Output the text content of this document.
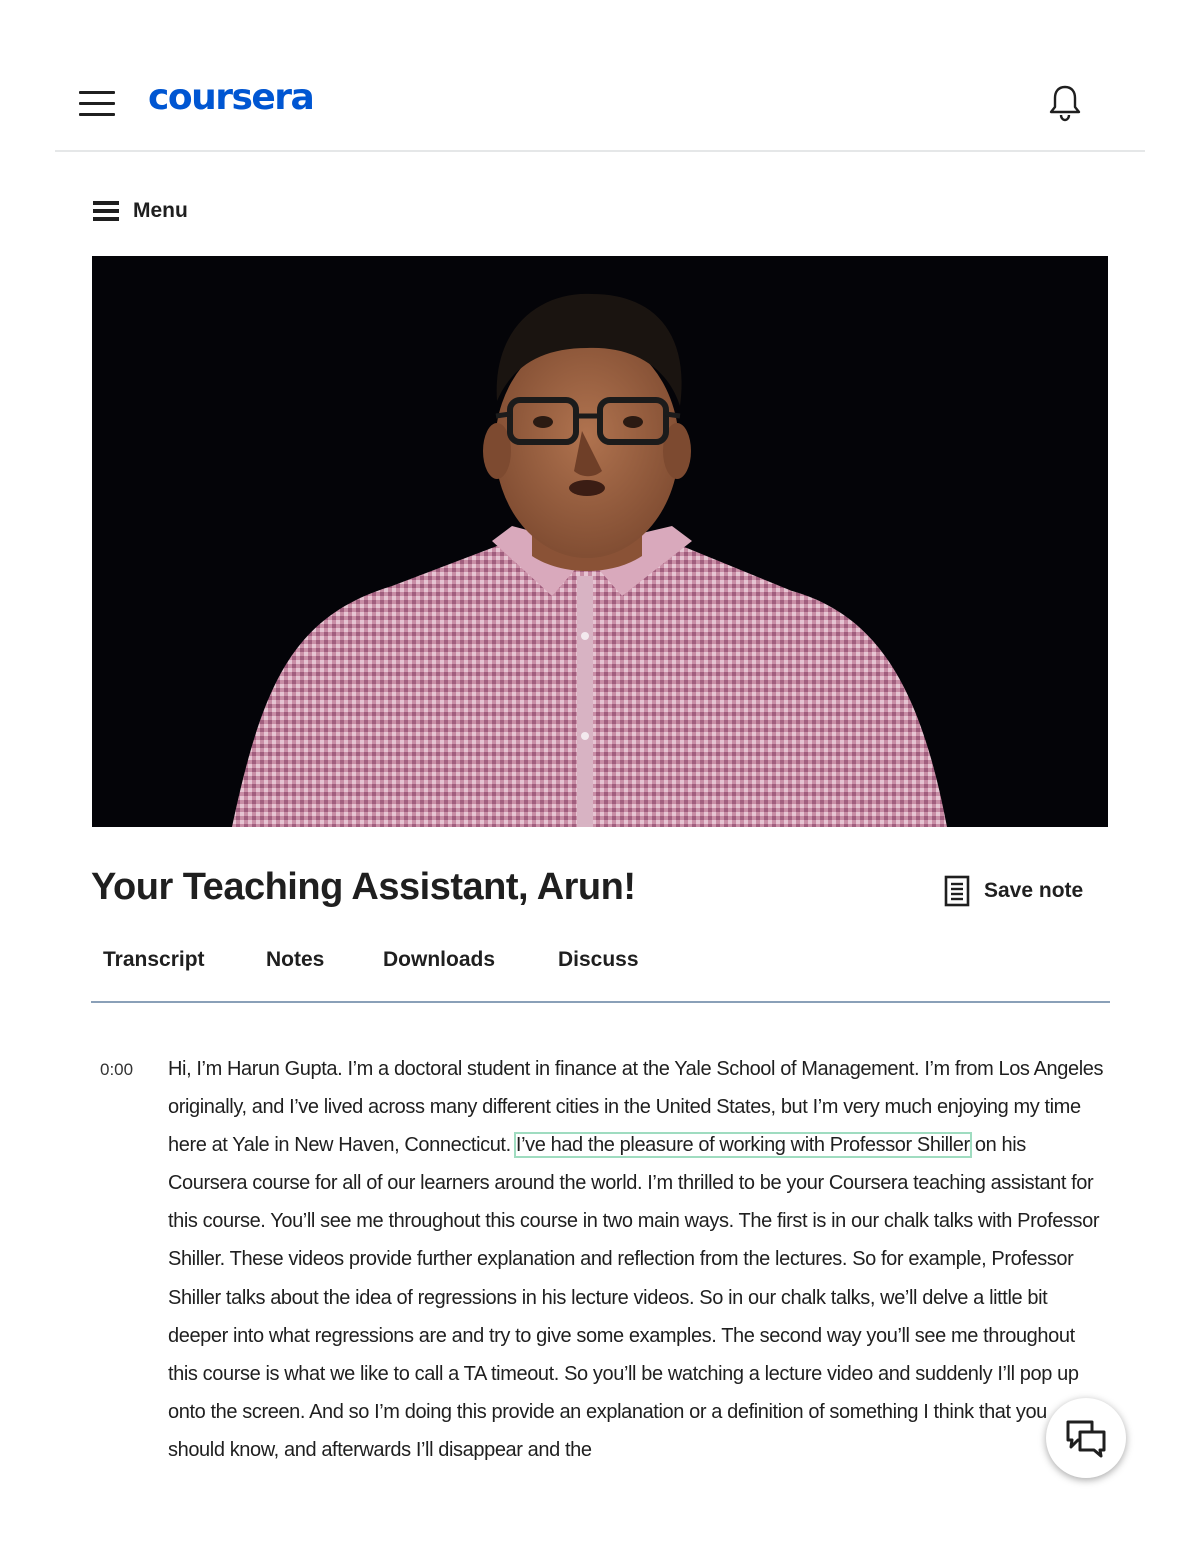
coursera
Menu
Your Teaching Assistant, Arun!	Save note
Transcript	Notes	Downloads	Discuss
0:00 Hi, I’m Harun Gupta. I’m a doctoral student in finance at the Yale School of Management. I’m from Los Angeles originally, and I’ve lived across many different cities in the United States, but I’m very much enjoying my time here at Yale in New Haven, Connecticut. I’ve had the pleasure of working with Professor Shiller on his Coursera course for all of our learners around the world. I’m thrilled to be your Coursera teaching assistant for this course. You’ll see me throughout this course in two main ways. The first is in our chalk talks with Professor Shiller. These videos provide further explanation and reflection from the lectures. So for example, Professor Shiller talks about the idea of regressions in his lecture videos. So in our chalk talks, we’ll delve a little bit deeper into what regressions are and try to give some examples. The second way you’ll see me throughout this course is what we like to call a TA timeout. So you’ll be watching a lecture video and suddenly I’ll pop up onto the screen. And so I’m doing this provide an explanation or a definition of something I think that you should know, and afterwards I’ll disappear and the
